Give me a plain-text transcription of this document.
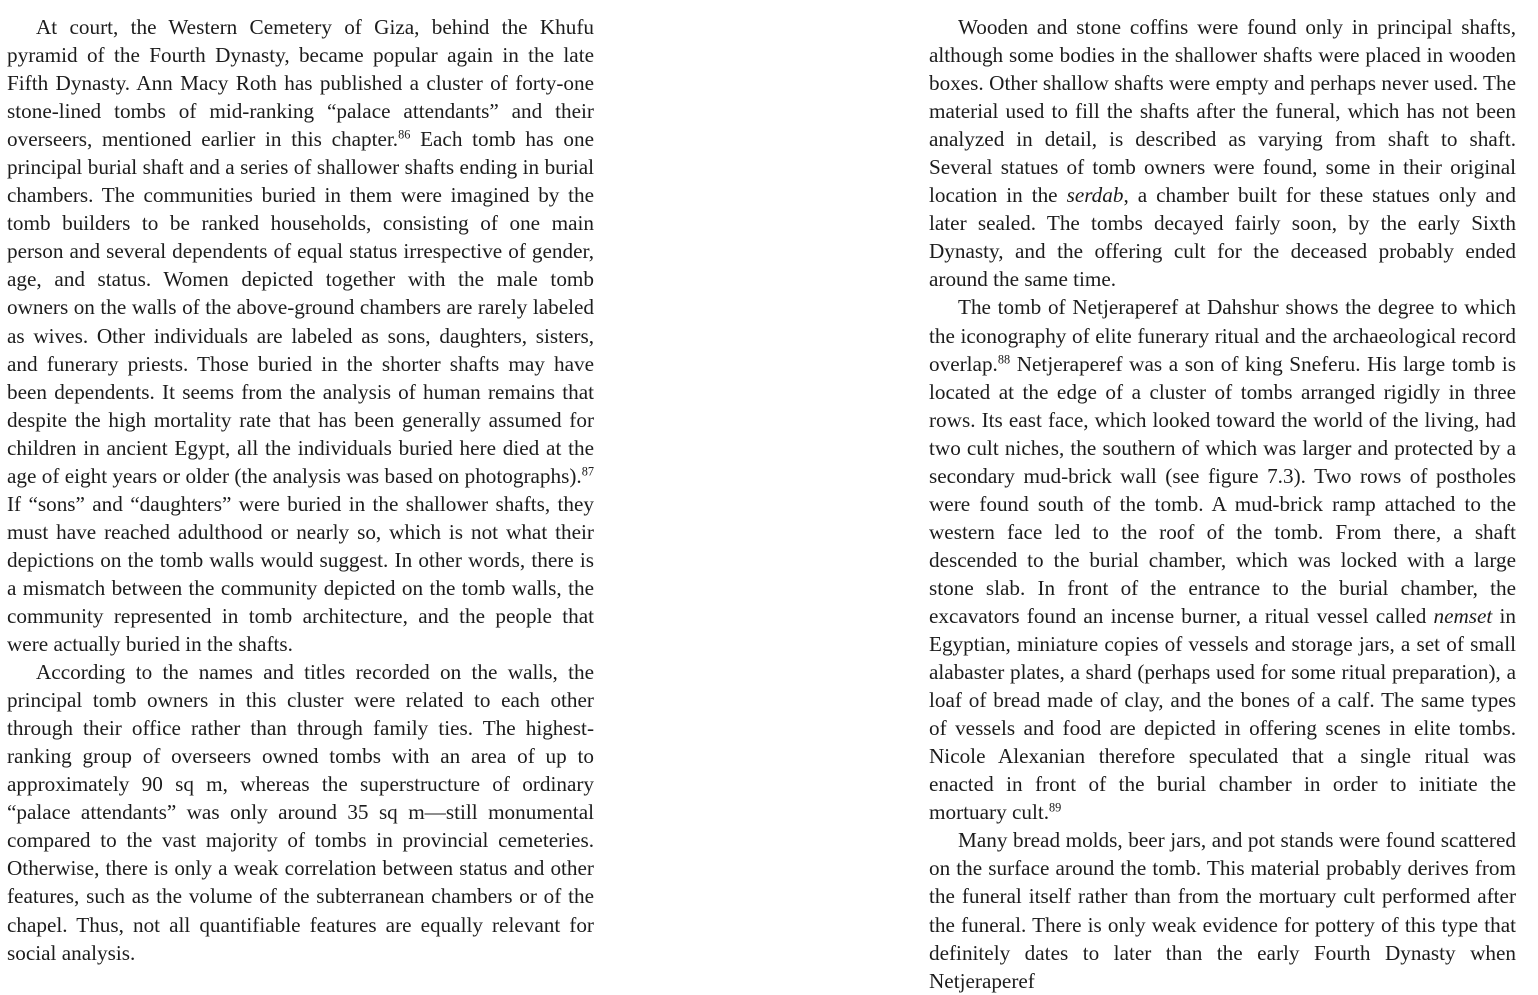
At court, the Western Cemetery of Giza, behind the Khufu pyramid of the Fourth Dynasty, became popular again in the late Fifth Dynasty. Ann Macy Roth has published a cluster of forty-one stone-lined tombs of mid-ranking “palace attendants” and their overseers, mentioned earlier in this chapter.$^{86}$ Each tomb has one principal burial shaft and a series of shallower shafts ending in burial chambers. The communities buried in them were imagined by the tomb builders to be ranked households, consisting of one main person and several dependents of equal status irrespective of gender, age, and status. Women depicted together with the male tomb owners on the walls of the above-ground chambers are rarely labeled as wives. Other individuals are labeled as sons, daughters, sisters, and funerary priests. Those buried in the shorter shafts may have been dependents. It seems from the analysis of human remains that despite the high mortality rate that has been generally assumed for children in ancient Egypt, all the individuals buried here died at the age of eight years or older (the analysis was based on photographs).$^{87}$ If “sons” and “daughters” were buried in the shallower shafts, they must have reached adulthood or nearly so, which is not what their depictions on the tomb walls would suggest. In other words, there is a mismatch between the community depicted on the tomb walls, the community represented in tomb architecture, and the people that were actually buried in the shafts.

According to the names and titles recorded on the walls, the principal tomb owners in this cluster were related to each other through their office rather than through family ties. The highest-ranking group of overseers owned tombs with an area of up to approximately 90 sq m, whereas the superstructure of ordinary “palace attendants” was only around 35 sq m—still monumental compared to the vast majority of tombs in provincial cemeteries. Otherwise, there is only a weak correlation between status and other features, such as the volume of the subterranean chambers or of the chapel. Thus, not all quantifiable features are equally relevant for social analysis.

Wooden and stone coffins were found only in principal shafts, although some bodies in the shallower shafts were placed in wooden boxes. Other shallow shafts were empty and perhaps never used. The material used to fill the shafts after the funeral, which has not been analyzed in detail, is described as varying from shaft to shaft. Several statues of tomb owners were found, some in their original location in the serdab, a chamber built for these statues only and later sealed. The tombs decayed fairly soon, by the early Sixth Dynasty, and the offering cult for the deceased probably ended around the same time.

The tomb of Netjeraperef at Dahshur shows the degree to which the iconography of elite funerary ritual and the archaeological record overlap.$^{88}$ Netjeraperef was a son of king Sneferu. His large tomb is located at the edge of a cluster of tombs arranged rigidly in three rows. Its east face, which looked toward the world of the living, had two cult niches, the southern of which was larger and protected by a secondary mud-brick wall (see figure 7.3). Two rows of postholes were found south of the tomb. A mud-brick ramp attached to the western face led to the roof of the tomb. From there, a shaft descended to the burial chamber, which was locked with a large stone slab. In front of the entrance to the burial chamber, the excavators found an incense burner, a ritual vessel called nemset in Egyptian, miniature copies of vessels and storage jars, a set of small alabaster plates, a shard (perhaps used for some ritual preparation), a loaf of bread made of clay, and the bones of a calf. The same types of vessels and food are depicted in offering scenes in elite tombs. Nicole Alexanian therefore speculated that a single ritual was enacted in front of the burial chamber in order to initiate the mortuary cult.$^{89}$

Many bread molds, beer jars, and pot stands were found scattered on the surface around the tomb. This material probably derives from the funeral itself rather than from the mortuary cult performed after the funeral. There is only weak evidence for pottery of this type that definitely dates to later than the early Fourth Dynasty when Netjeraperef
